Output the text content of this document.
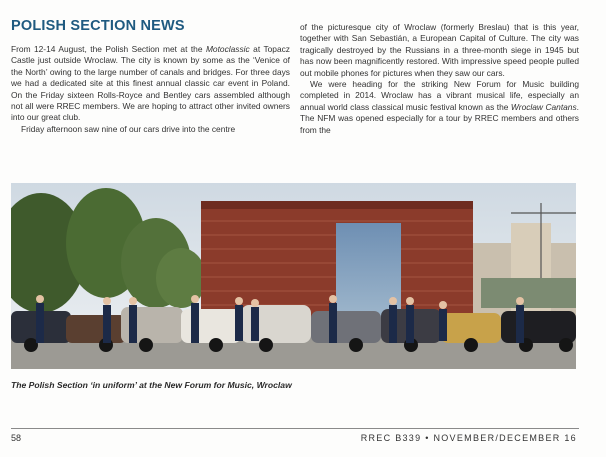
POLISH SECTION NEWS

From 12-14 August, the Polish Section met at the Motoclassic at Topacz Castle just outside Wroclaw. The city is known by some as the ‘Venice of the North’ owing to the large number of canals and bridges. For three days we had a dedicated site at this finest annual classic car event in Poland. On the Friday sixteen Rolls-Royce and Bentley cars assembled although not all were RREC members. We are hoping to attract other invited owners into our great club.

Friday afternoon saw nine of our cars drive into the centre

of the picturesque city of Wroclaw (formerly Breslau) that is this year, together with San Sebastián, a European Capital of Culture. The city was tragically destroyed by the Russians in a three-month siege in 1945 but has now been magnificently restored. With impressive speed people pulled out mobile phones for pictures when they saw our cars.

We were heading for the striking New Forum for Music building completed in 2014. Wroclaw has a vibrant musical life, especially an annual world class classical music festival known as the Wroclaw Cantans. The NFM was opened especially for a tour by RREC members and others from the

The Polish Section ‘in uniform’ at the New Forum for Music, Wroclaw
58	RREC B339 • NOVEMBER/DECEMBER 16
